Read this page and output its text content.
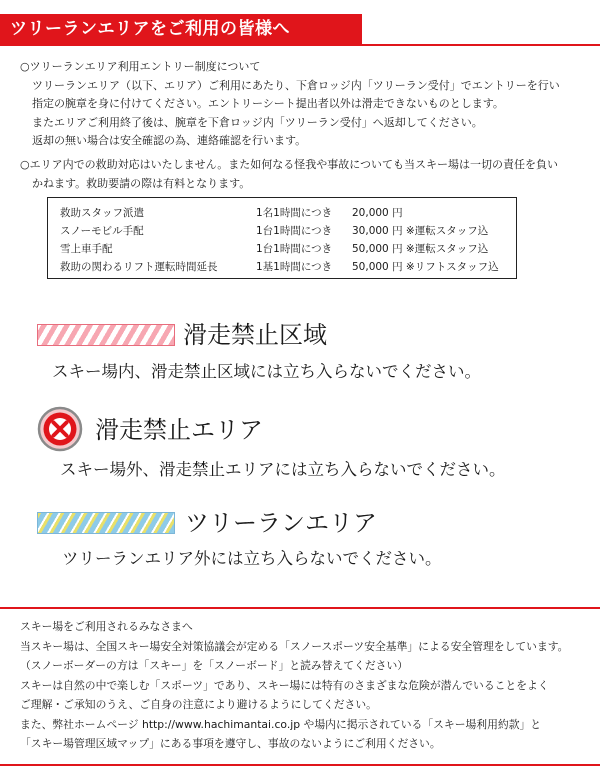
ツリーランエリアをご利用の皆様へ

○ツリーランエリア利用エントリー制度について

ツリーランエリア（以下、エリア）ご利用にあたり、下倉ロッジ内「ツリーラン受付」でエントリーを行い

指定の腕章を身に付けてください。エントリーシート提出者以外は滑走できないものとします。

またエリアご利用終了後は、腕章を下倉ロッジ内「ツリーラン受付」へ返却してください。

返却の無い場合は安全確認の為、連絡確認を行います。

○エリア内での救助対応はいたしません。また如何なる怪我や事故についても当スキー場は一切の責任を負い

かねます。救助要請の際は有料となります。

救助スタッフ派遣	1名1時間につき 20,000 円
スノーモビル手配	1台1時間につき 30,000 円 ※運転スタッフ込
雪上車手配	1台1時間につき 50,000 円 ※運転スタッフ込
救助の関わるリフト運転時間延長	1基1時間につき 50,000 円 ※リフトスタッフ込
滑走禁止区域
スキー場内、滑走禁止区域には立ち入らないでください。
滑走禁止エリア
スキー場外、滑走禁止エリアには立ち入らないでください。
ツリーランエリア
ツリーランエリア外には立ち入らないでください。

スキー場をご利用されるみなさまへ

当スキー場は、全国スキー場安全対策協議会が定める「スノースポーツ安全基準」による安全管理をしています。

（スノーボーダーの方は「スキー」を「スノーボード」と読み替えてください）

スキーは自然の中で楽しむ「スポーツ」であり、スキー場には特有のさまざまな危険が潜んでいることをよく

ご理解・ご承知のうえ、ご自身の注意により避けるようにしてください。

また、弊社ホームページ http://www.hachimantai.co.jp や場内に掲示されている「スキー場利用約款」と

「スキー場管理区域マップ」にある事項を遵守し、事故のないようにご利用ください。
